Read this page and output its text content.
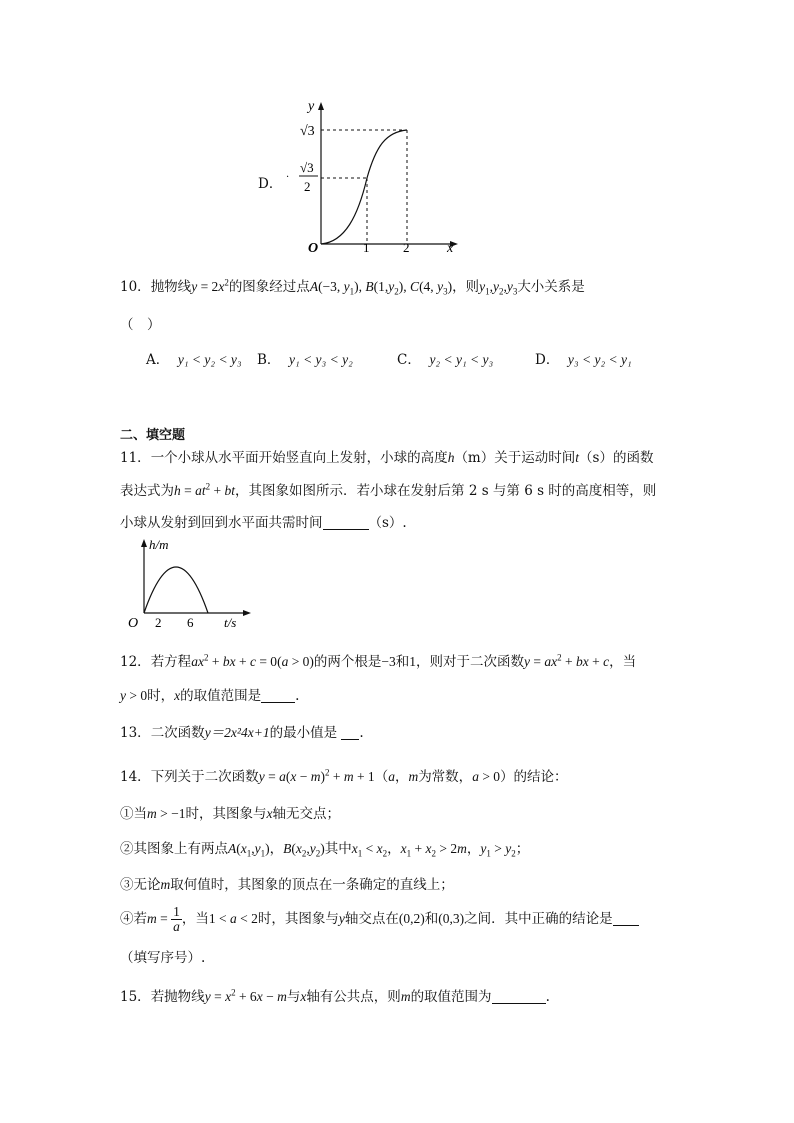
D． ·
y
x
O	1	2
√3
√3
2
10．抛物线$y = 2x^2$的图象经过点A(−3, $y_1$), $B(1,y_2)$, C(4, $y_3$)，则$y_1,y_2,y_3$大小关系是
（　）
A． y₁ < y₂ < y₃ B． y₁ < y₃ < y₂	C． y₂ < y₁ < y₃	D． y₃ < y₂ < y₁
二、填空题
11．一个小球从水平面开始竖直向上发射，小球的高度h（m）关于运动时间t（s）的函数
表达式为$h = at^2$ + bt，其图象如图所示．若小球在发射后第 2 s 与第 6 s 时的高度相等，则
小球从发射到回到水平面共需时间	（s）.
h/m
t/s
O 2 6
12．若方程$ax^2$ + bx + c = 0(a > 0)的两个根是−3和1，则对于二次函数$y = ax^2$ + bx + c，当
y > 0时，x的取值范围是	.
13．二次函数y＝2x²4x+1的最小值是 .
14．下列关于二次函数$y = a(x - m)^2 + m + 1(a$，m为常数，a > 0）的结论：
①当m > −1时，其图象与x轴无交点；
②其图象上有两点$A(x_1,y_1)$，$B(x_2,y_2)$其中$x_1 < x_2$，$x_1 + x_2 > 2m$，$y_1 > y_2$；
③无论m取何值时，其图象的顶点在一条确定的直线上；
④若$m = \frac{1}{a}$ ，当1 < a < 2时，其图象与y轴交点在(0,2)和(0,3)之间．其中正确的结论是
（填写序号）.
15．若抛物线$y = x^2 + 6x - m$与x轴有公共点，则m的取值范围为	.
